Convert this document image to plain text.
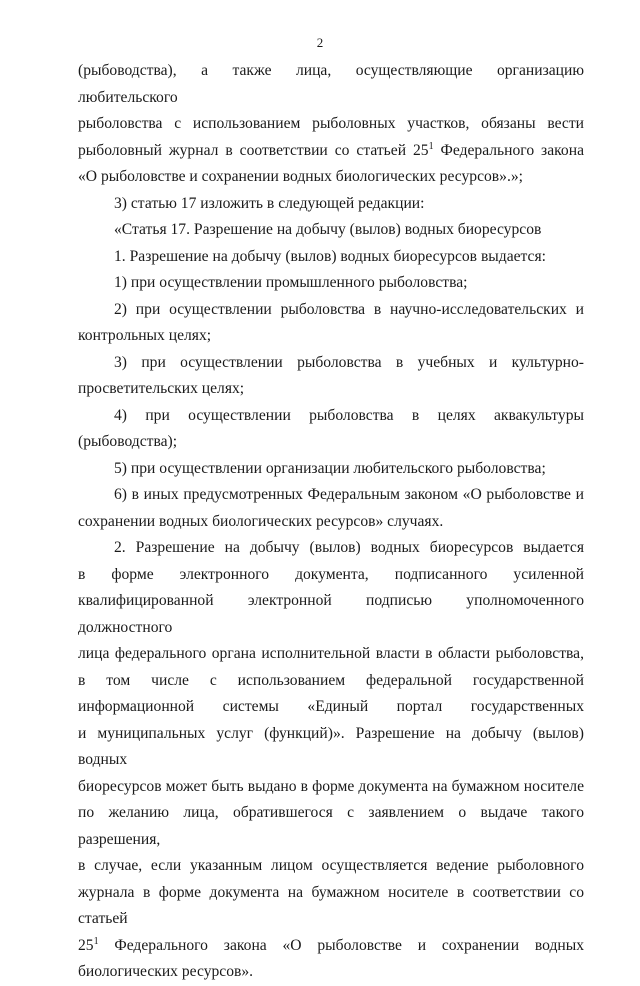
2
(рыбоводства), а также лица, осуществляющие организацию любительского
рыболовства с использованием рыболовных участков, обязаны вести
рыболовный журнал в соответствии со статьей $25^1$ Федерального закона
«О рыболовстве и сохранении водных биологических ресурсов».»;
3) статью 17 изложить в следующей редакции:
«Статья 17. Разрешение на добычу (вылов) водных биоресурсов
1. Разрешение на добычу (вылов) водных биоресурсов выдается:
1) при осуществлении промышленного рыболовства;
2) при осуществлении рыболовства в научно-исследовательских и
контрольных целях;
3) при осуществлении рыболовства в учебных и культурно-
просветительских целях;
4) при осуществлении рыболовства в целях аквакультуры
(рыбоводства);
5) при осуществлении организации любительского рыболовства;
6) в иных предусмотренных Федеральным законом «О рыболовстве и
сохранении водных биологических ресурсов» случаях.
2. Разрешение на добычу (вылов) водных биоресурсов выдается
в форме электронного документа, подписанного усиленной
квалифицированной электронной подписью уполномоченного должностного
лица федерального органа исполнительной власти в области рыболовства,
в том числе с использованием федеральной государственной
информационной системы «Единый портал государственных
и муниципальных услуг (функций)». Разрешение на добычу (вылов) водных
биоресурсов может быть выдано в форме документа на бумажном носителе
по желанию лица, обратившегося с заявлением о выдаче такого разрешения,
в случае, если указанным лицом осуществляется ведение рыболовного
журнала в форме документа на бумажном носителе в соответствии со статьей
$25^1$ Федерального закона «О рыболовстве и сохранении водных
биологических ресурсов».
